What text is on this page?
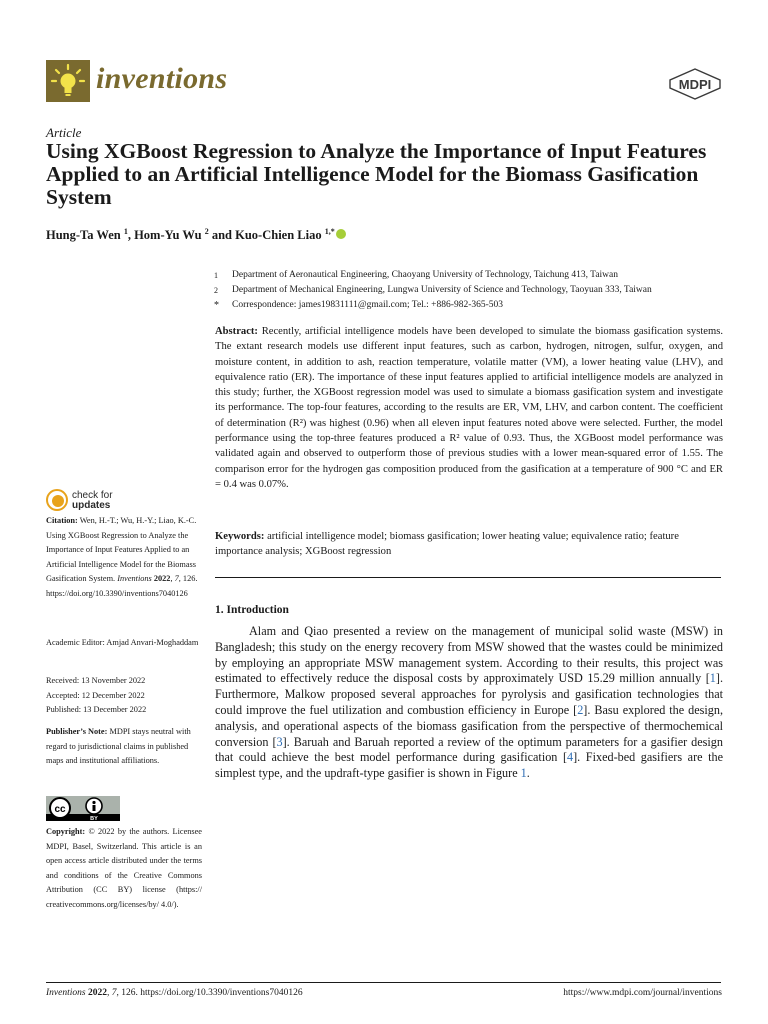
inventions	MDPI
Article
Using XGBoost Regression to Analyze the Importance of Input Features Applied to an Artificial Intelligence Model for the Biomass Gasification System
Hung-Ta Wen $^1$, Hom-Yu Wu $^2$ and Kuo-Chien Liao $^{1,*}$
1	Department of Aeronautical Engineering, Chaoyang University of Technology, Taichung 413, Taiwan
2	Department of Mechanical Engineering, Lungwa University of Science and Technology, Taoyuan 333, Taiwan
*	Correspondence: james19831111@gmail.com; Tel.: +886-982-365-503

Abstract: Recently, artificial intelligence models have been developed to simulate the biomass gasification systems. The extant research models use different input features, such as carbon, hydrogen, nitrogen, sulfur, oxygen, and moisture content, in addition to ash, reaction temperature, volatile matter (VM), a lower heating value (LHV), and equivalence ratio (ER). The importance of these input features applied to artificial intelligence models are analyzed in this study; further, the XGBoost regression model was used to simulate a biomass gasification system and investigate its performance. The top-four features, according to the results are ER, VM, LHV, and carbon content. The coefficient of determination (R²) was highest (0.96) when all eleven input features noted above were selected. Further, the model performance using the top-three features produced a R² value of 0.93. Thus, the XGBoost model performance was validated again and observed to outperform those of previous studies with a lower mean-squared error of 1.55. The comparison error for the hydrogen gas composition produced from the gasification at a temperature of 900 °C and ER = 0.4 was 0.07%.

Keywords: artificial intelligence model; biomass gasification; lower heating value; equivalence ratio; feature importance analysis; XGBoost regression

1. Introduction

Alam and Qiao presented a review on the management of municipal solid waste (MSW) in Bangladesh; this study on the energy recovery from MSW showed that the wastes could be minimized by employing an appropriate MSW management system. According to their results, this project was estimated to effectively reduce the disposal costs by approximately USD 15.29 million annually [1]. Furthermore, Malkow proposed several approaches for pyrolysis and gasification technologies that could improve the fuel utilization and combustion efficiency in Europe [2]. Basu explored the design, analysis, and operational aspects of the biomass gasification from the perspective of thermochemical conversion [3]. Baruah and Baruah reported a review of the optimum parameters for a gasifier design that could achieve the best model performance during gasification [4]. Fixed-bed gasifiers are the simplest type, and the updraft-type gasifier is shown in Figure 1.

check for
updates

Citation: Wen, H.-T.; Wu, H.-Y.; Liao, K.-C. Using XGBoost Regression to Analyze the Importance of Input Features Applied to an Artificial Intelligence Model for the Biomass Gasification System. Inventions 2022, 7, 126. https://doi.org/10.3390/inventions7040126

Academic Editor: Amjad Anvari-Moghaddam

Received: 13 November 2022
Accepted: 12 December 2022
Published: 13 December 2022

Publisher’s Note: MDPI stays neutral with regard to jurisdictional claims in published maps and institutional affiliations.

cc
BY

Copyright: © 2022 by the authors. Licensee MDPI, Basel, Switzerland. This article is an open access article distributed under the terms and conditions of the Creative Commons Attribution (CC BY) license (https:// creativecommons.org/licenses/by/ 4.0/).

Inventions 2022, 7, 126. https://doi.org/10.3390/inventions7040126	https://www.mdpi.com/journal/inventions
